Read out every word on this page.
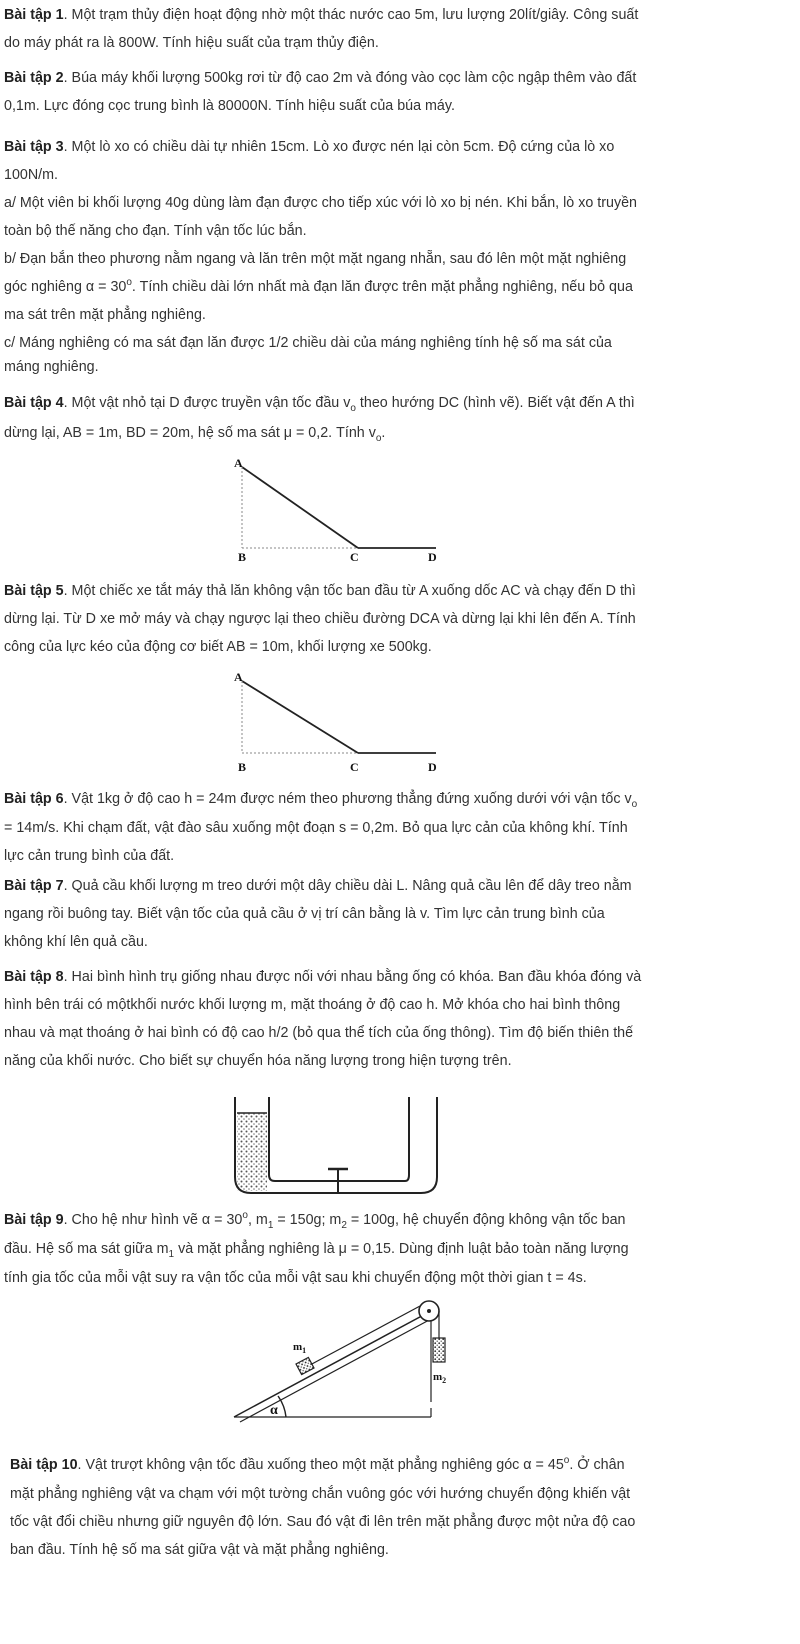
Bài tập 1. Một trạm thủy điện hoạt động nhờ một thác nước cao 5m, lưu lượng 20lít/giây. Công suất
do máy phát ra là 800W. Tính hiệu suất của trạm thủy điện.
Bài tập 2. Búa máy khối lượng 500kg rơi từ độ cao 2m và đóng vào cọc làm cộc ngập thêm vào đất
0,1m. Lực đóng cọc trung bình là 80000N. Tính hiệu suất của búa máy.
Bài tập 3. Một lò xo có chiều dài tự nhiên 15cm. Lò xo được nén lại còn 5cm. Độ cứng của lò xo
100N/m.
a/ Một viên bi khối lượng 40g dùng làm đạn được cho tiếp xúc với lò xo bị nén. Khi bắn, lò xo truyền
toàn bộ thế năng cho đạn. Tính vận tốc lúc bắn.
b/ Đạn bắn theo phương nằm ngang và lăn trên một mặt ngang nhẵn, sau đó lên một mặt nghiêng
góc nghiêng $\alpha = 30^o$. Tính chiều dài lớn nhất mà đạn lăn được trên mặt phẳng nghiêng, nếu bỏ qua
ma sát trên mặt phẳng nghiêng.
c/ Máng nghiêng có ma sát đạn lăn được 1/2 chiều dài của máng nghiêng tính hệ số ma sát của
máng nghiêng.
Bài tập 4. Một vật nhỏ tại D được truyền vận tốc đầu $v_o$ theo hướng DC (hình vẽ). Biết vật đến A thì
dừng lại, AB = 1m, BD = 20m, hệ số ma sát μ = 0,2. Tính $v_o$.
A
B	C	D
Bài tập 5. Một chiếc xe tắt máy thả lăn không vận tốc ban đầu từ A xuống dốc AC và chạy đến D thì
dừng lại. Từ D xe mở máy và chạy ngược lại theo chiều đường DCA và dừng lại khi lên đến A. Tính
công của lực kéo của động cơ biết AB = 10m, khối lượng xe 500kg.
A
B	C	D
Bài tập 6. Vật 1kg ở độ cao h = 24m được ném theo phương thẳng đứng xuống dưới với vận tốc $v_o$
= 14m/s. Khi chạm đất, vật đào sâu xuống một đoạn s = 0,2m. Bỏ qua lực cản của không khí. Tính
lực cản trung bình của đất.
Bài tập 7. Quả cầu khối lượng m treo dưới một dây chiều dài L. Nâng quả cầu lên để dây treo nằm
ngang rồi buông tay. Biết vận tốc của quả cầu ở vị trí cân bằng là v. Tìm lực cản trung bình của
không khí lên quả cầu.
Bài tập 8. Hai bình hình trụ giống nhau được nối với nhau bằng ống có khóa. Ban đầu khóa đóng và
hình bên trái có mộtkhối nước khối lượng m, mặt thoáng ở độ cao h. Mở khóa cho hai bình thông
nhau và mạt thoáng ở hai bình có độ cao h/2 (bỏ qua thể tích của ống thông). Tìm độ biến thiên thế
năng của khối nước. Cho biết sự chuyển hóa năng lượng trong hiện tượng trên.
Bài tập 9. Cho hệ như hình vẽ $\alpha = 30^o$, $m_1 = 150g$; $m_2 = 100g$, hệ chuyển động không vận tốc ban
đầu. Hệ số ma sát giữa $m_1$ và mặt phẳng nghiêng là μ = 0,15. Dùng định luật bảo toàn năng lượng
tính gia tốc của mỗi vật suy ra vận tốc của mỗi vật sau khi chuyển động một thời gian t = 4s.
$m_1$
$m_2$
α
Bài tập 10. Vật trượt không vận tốc đầu xuống theo một mặt phẳng nghiêng góc $\alpha = 45^o$. Ở chân
mặt phẳng nghiêng vật va chạm với một tường chắn vuông góc với hướng chuyển động khiến vật
tốc vật đổi chiều nhưng giữ nguyên độ lớn. Sau đó vật đi lên trên mặt phẳng được một nửa độ cao
ban đầu. Tính hệ số ma sát giữa vật và mặt phẳng nghiêng.
